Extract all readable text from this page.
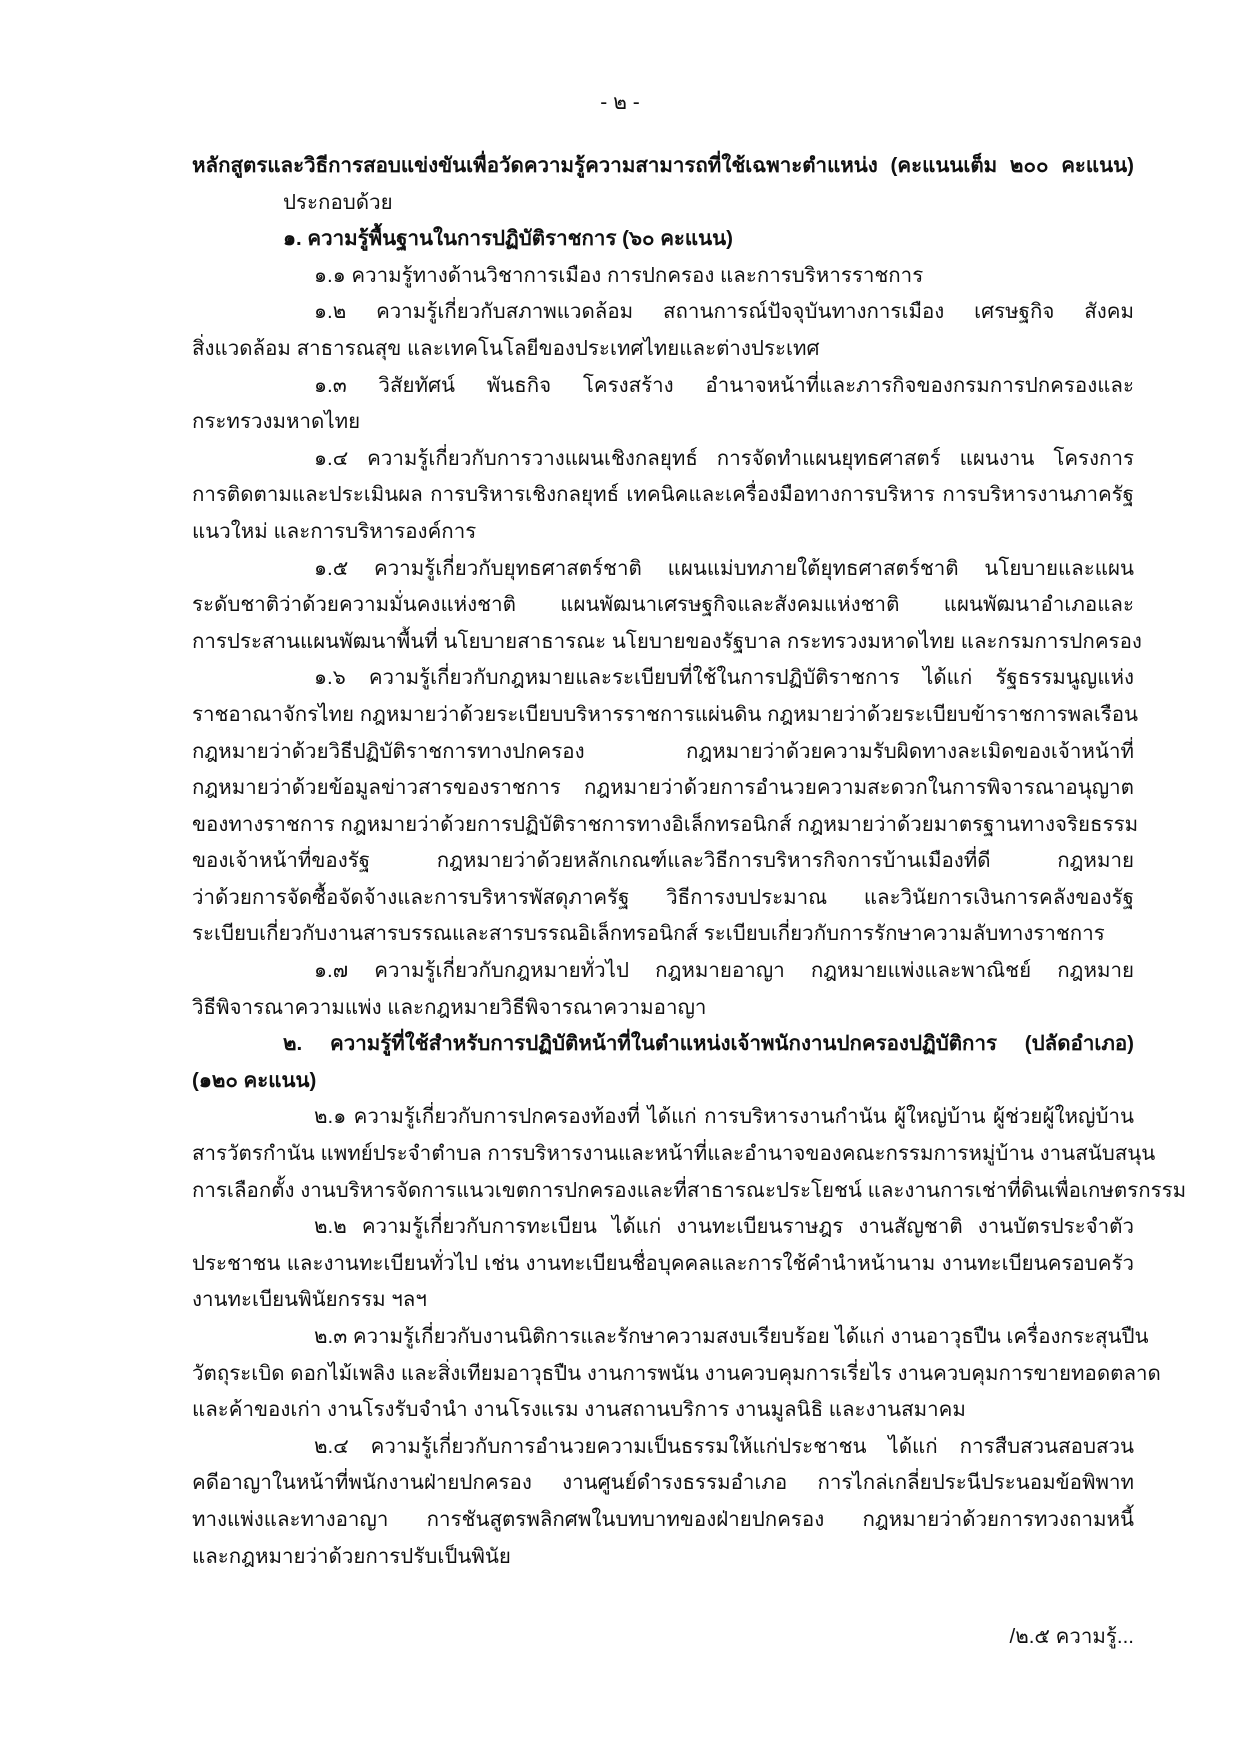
- ๒ -
หลักสูตรและวิธีการสอบแข่งขันเพื่อวัดความรู้ความสามารถที่ใช้เฉพาะตำแหน่ง (คะแนนเต็ม ๒๐๐ คะแนน)
ประกอบด้วย
๑. ความรู้พื้นฐานในการปฏิบัติราชการ (๖๐ คะแนน)
๑.๑ ความรู้ทางด้านวิชาการเมือง การปกครอง และการบริหารราชการ
๑.๒ ความรู้เกี่ยวกับสภาพแวดล้อม สถานการณ์ปัจจุบันทางการเมือง เศรษฐกิจ สังคม
สิ่งแวดล้อม สาธารณสุข และเทคโนโลยีของประเทศไทยและต่างประเทศ
๑.๓ วิสัยทัศน์ พันธกิจ โครงสร้าง อำนาจหน้าที่และภารกิจของกรมการปกครองและ
กระทรวงมหาดไทย
๑.๔ ความรู้เกี่ยวกับการวางแผนเชิงกลยุทธ์ การจัดทำแผนยุทธศาสตร์ แผนงาน โครงการ
การติดตามและประเมินผล การบริหารเชิงกลยุทธ์ เทคนิคและเครื่องมือทางการบริหาร การบริหารงานภาครัฐ
แนวใหม่ และการบริหารองค์การ
๑.๕ ความรู้เกี่ยวกับยุทธศาสตร์ชาติ แผนแม่บทภายใต้ยุทธศาสตร์ชาติ นโยบายและแผน
ระดับชาติว่าด้วยความมั่นคงแห่งชาติ แผนพัฒนาเศรษฐกิจและสังคมแห่งชาติ แผนพัฒนาอำเภอและ
การประสานแผนพัฒนาพื้นที่ นโยบายสาธารณะ นโยบายของรัฐบาล กระทรวงมหาดไทย และกรมการปกครอง
๑.๖ ความรู้เกี่ยวกับกฎหมายและระเบียบที่ใช้ในการปฏิบัติราชการ ได้แก่ รัฐธรรมนูญแห่ง
ราชอาณาจักรไทย กฎหมายว่าด้วยระเบียบบริหารราชการแผ่นดิน กฎหมายว่าด้วยระเบียบข้าราชการพลเรือน
กฎหมายว่าด้วยวิธีปฏิบัติราชการทางปกครอง กฎหมายว่าด้วยความรับผิดทางละเมิดของเจ้าหน้าที่
กฎหมายว่าด้วยข้อมูลข่าวสารของราชการ กฎหมายว่าด้วยการอำนวยความสะดวกในการพิจารณาอนุญาต
ของทางราชการ กฎหมายว่าด้วยการปฏิบัติราชการทางอิเล็กทรอนิกส์ กฎหมายว่าด้วยมาตรฐานทางจริยธรรม
ของเจ้าหน้าที่ของรัฐ กฎหมายว่าด้วยหลักเกณฑ์และวิธีการบริหารกิจการบ้านเมืองที่ดี กฎหมาย
ว่าด้วยการจัดซื้อจัดจ้างและการบริหารพัสดุภาครัฐ วิธีการงบประมาณ และวินัยการเงินการคลังของรัฐ
ระเบียบเกี่ยวกับงานสารบรรณและสารบรรณอิเล็กทรอนิกส์ ระเบียบเกี่ยวกับการรักษาความลับทางราชการ
๑.๗ ความรู้เกี่ยวกับกฎหมายทั่วไป กฎหมายอาญา กฎหมายแพ่งและพาณิชย์ กฎหมาย
วิธีพิจารณาความแพ่ง และกฎหมายวิธีพิจารณาความอาญา
๒. ความรู้ที่ใช้สำหรับการปฏิบัติหน้าที่ในตำแหน่งเจ้าพนักงานปกครองปฏิบัติการ (ปลัดอำเภอ)
(๑๒๐ คะแนน)
๒.๑ ความรู้เกี่ยวกับการปกครองท้องที่ ได้แก่ การบริหารงานกำนัน ผู้ใหญ่บ้าน ผู้ช่วยผู้ใหญ่บ้าน
สารวัตรกำนัน แพทย์ประจำตำบล การบริหารงานและหน้าที่และอำนาจของคณะกรรมการหมู่บ้าน งานสนับสนุน
การเลือกตั้ง งานบริหารจัดการแนวเขตการปกครองและที่สาธารณะประโยชน์ และงานการเช่าที่ดินเพื่อเกษตรกรรม
๒.๒ ความรู้เกี่ยวกับการทะเบียน ได้แก่ งานทะเบียนราษฎร งานสัญชาติ งานบัตรประจำตัว
ประชาชน และงานทะเบียนทั่วไป เช่น งานทะเบียนชื่อบุคคลและการใช้คำนำหน้านาม งานทะเบียนครอบครัว
งานทะเบียนพินัยกรรม ฯลฯ
๒.๓ ความรู้เกี่ยวกับงานนิติการและรักษาความสงบเรียบร้อย ได้แก่ งานอาวุธปืน เครื่องกระสุนปืน
วัตถุระเบิด ดอกไม้เพลิง และสิ่งเทียมอาวุธปืน งานการพนัน งานควบคุมการเรี่ยไร งานควบคุมการขายทอดตลาด
และค้าของเก่า งานโรงรับจำนำ งานโรงแรม งานสถานบริการ งานมูลนิธิ และงานสมาคม
๒.๔ ความรู้เกี่ยวกับการอำนวยความเป็นธรรมให้แก่ประชาชน ได้แก่ การสืบสวนสอบสวน
คดีอาญาในหน้าที่พนักงานฝ่ายปกครอง งานศูนย์ดำรงธรรมอำเภอ การไกล่เกลี่ยประนีประนอมข้อพิพาท
ทางแพ่งและทางอาญา การชันสูตรพลิกศพในบทบาทของฝ่ายปกครอง กฎหมายว่าด้วยการทวงถามหนี้
และกฎหมายว่าด้วยการปรับเป็นพินัย
/๒.๕ ความรู้...
